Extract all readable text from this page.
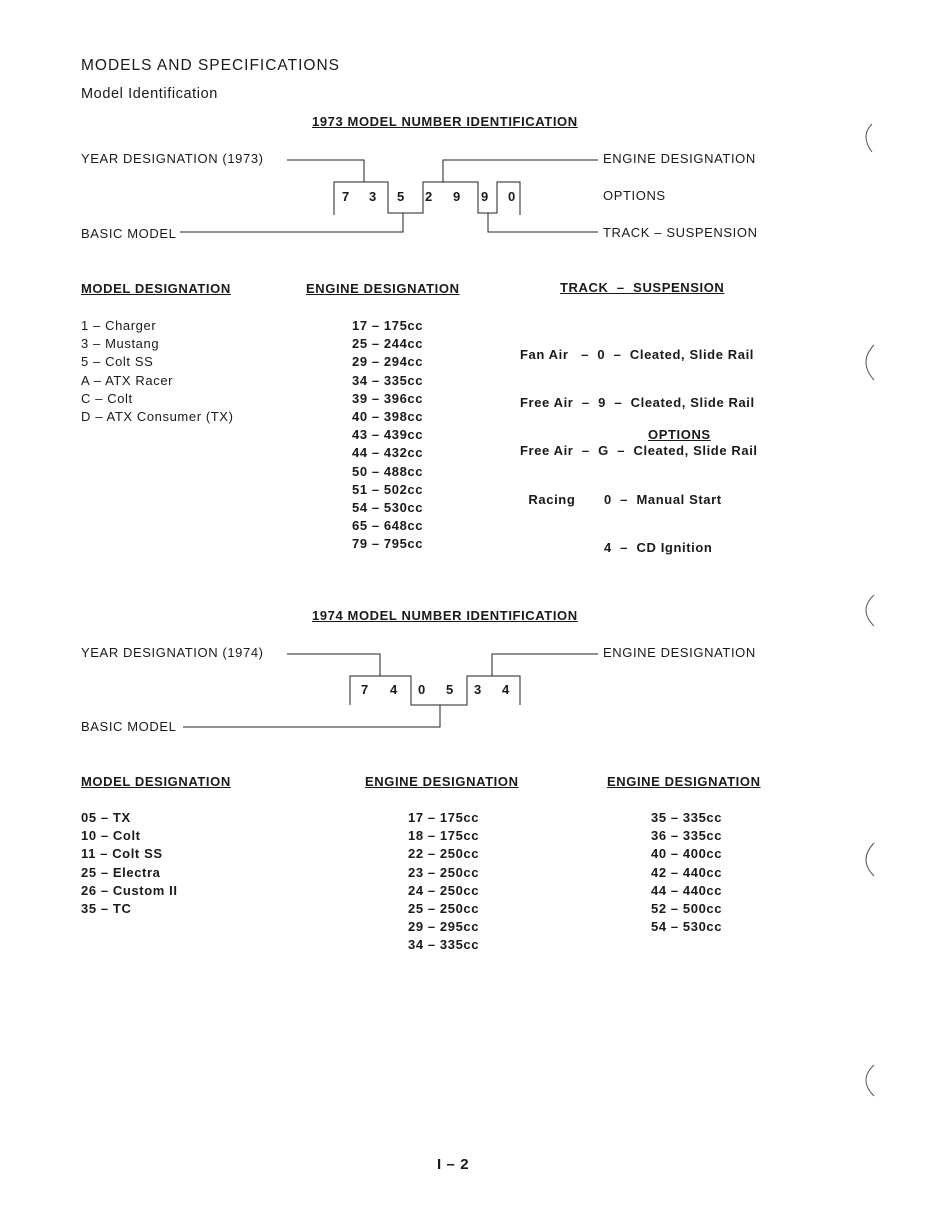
MODELS AND SPECIFICATIONS
Model Identification
1973 MODEL NUMBER IDENTIFICATION
YEAR DESIGNATION (1973)
BASIC MODEL
ENGINE DESIGNATION
OPTIONS
TRACK – SUSPENSION
7 3 5 2 9 9 0
1974 MODEL NUMBER IDENTIFICATION
YEAR DESIGNATION (1974)
BASIC MODEL
ENGINE DESIGNATION
7 4 0 5 3 4
MODEL DESIGNATION
1 – Charger
3 – Mustang
5 – Colt SS
A – ATX Racer
C – Colt
D – ATX Consumer (TX)
ENGINE DESIGNATION
17 – 175cc
25 – 244cc
29 – 294cc
34 – 335cc
39 – 396cc
40 – 398cc
43 – 439cc
44 – 432cc
50 – 488cc
51 – 502cc
54 – 530cc
65 – 648cc
79 – 795cc
TRACK  –  SUSPENSION

Fan Air   –  0  –  Cleated, Slide Rail

Free Air  –  9  –  Cleated, Slide Rail

Free Air  –  G  –  Cleated, Slide Rail

Racing

OPTIONS

0  –  Manual Start

4  –  CD Ignition

MODEL DESIGNATION
05 – TX
10 – Colt
11 – Colt SS
25 – Electra
26 – Custom II
35 – TC
ENGINE DESIGNATION
17 – 175cc
18 – 175cc
22 – 250cc
23 – 250cc
24 – 250cc
25 – 250cc
29 – 295cc
34 – 335cc
ENGINE DESIGNATION
35 – 335cc
36 – 335cc
40 – 400cc
42 – 440cc
44 – 440cc
52 – 500cc
54 – 530cc
I – 2
